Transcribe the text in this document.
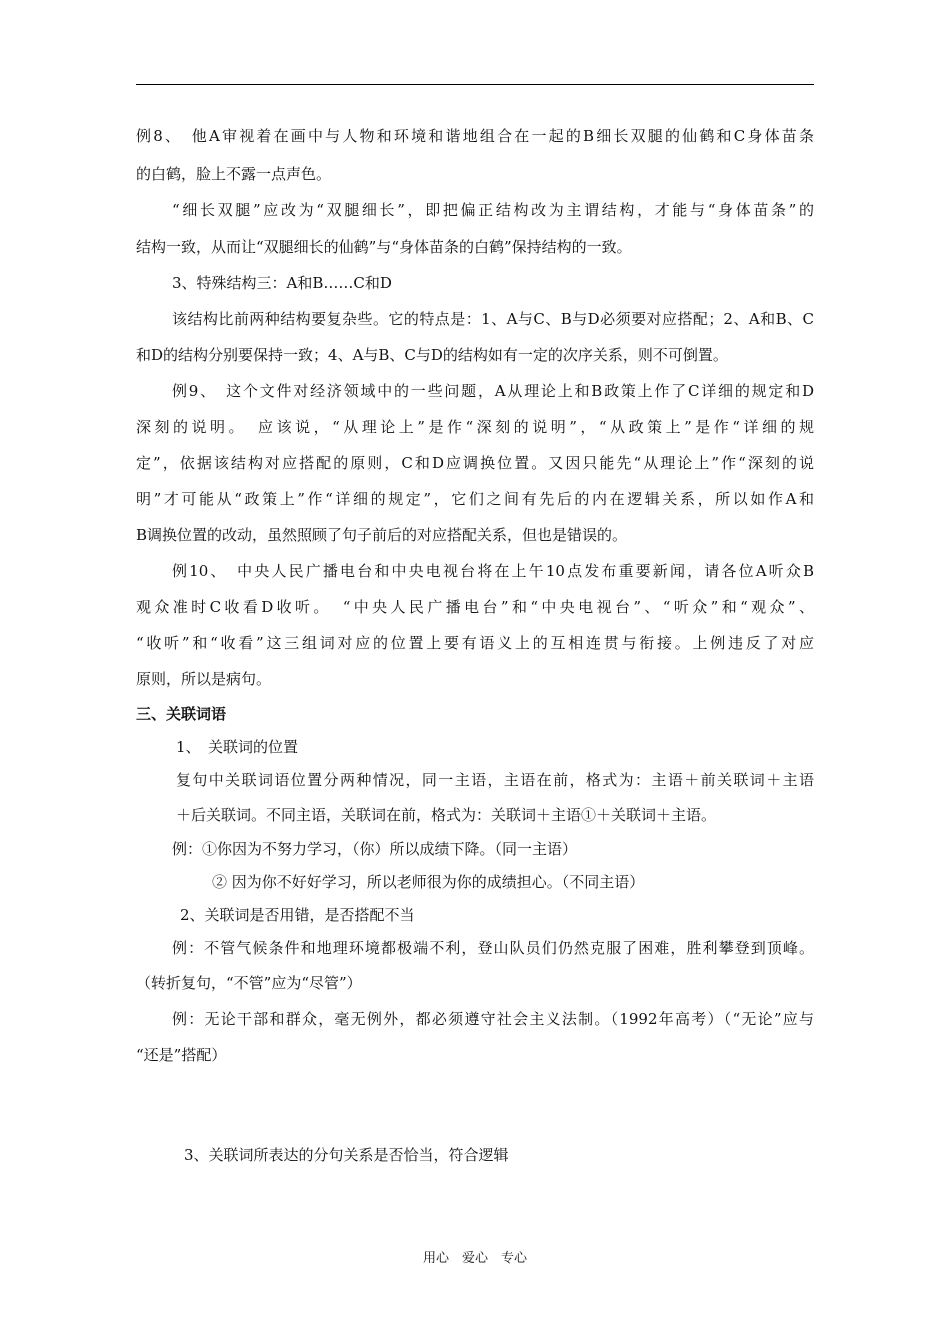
例8、　他A审视着在画中与人物和环境和谐地组合在一起的B细长双腿的仙鹤和C身体苗条
的白鹤，脸上不露一点声色。
“细长双腿”应改为“双腿细长”，即把偏正结构改为主谓结构，才能与“身体苗条”的
结构一致，从而让“双腿细长的仙鹤”与“身体苗条的白鹤”保持结构的一致。
3、特殊结构三：A和B……C和D
该结构比前两种结构要复杂些。它的特点是：1、A与C、B与D必须要对应搭配；2、A和B、C
和D的结构分别要保持一致；4、A与B、C与D的结构如有一定的次序关系，则不可倒置。
例9、　这个文件对经济领域中的一些问题，A从理论上和B政策上作了C详细的规定和D
深刻的说明。　应该说，“从理论上”是作“深刻的说明”，“从政策上”是作“详细的规
定”，依据该结构对应搭配的原则，C和D应调换位置。又因只能先“从理论上”作“深刻的说
明”才可能从“政策上”作“详细的规定”，它们之间有先后的内在逻辑关系，所以如作A和
B调换位置的改动，虽然照顾了句子前后的对应搭配关系，但也是错误的。
例10、　中央人民广播电台和中央电视台将在上午10点发布重要新闻，请各位A听众B
观众准时C收看D收听。　“中央人民广播电台”和“中央电视台”、“听众”和“观众”、
“收听”和“收看”这三组词对应的位置上要有语义上的互相连贯与衔接。上例违反了对应
原则，所以是病句。
三、关联词语
1、　关联词的位置
复句中关联词语位置分两种情况，同一主语，主语在前，格式为：主语＋前关联词＋主语
＋后关联词。不同主语，关联词在前，格式为：关联词＋主语①＋关联词＋主语。
例：①你因为不努力学习，（你）所以成绩下降。（同一主语）
② 因为你不好好学习，所以老师很为你的成绩担心。（不同主语）
2、关联词是否用错，是否搭配不当
例：不管气候条件和地理环境都极端不利，登山队员们仍然克服了困难，胜利攀登到顶峰。
（转折复句，“不管”应为“尽管”）
例：无论干部和群众，毫无例外，都必须遵守社会主义法制。（1992年高考）（“无论”应与
“还是”搭配）
3、关联词所表达的分句关系是否恰当，符合逻辑
用心　爱心　专心
